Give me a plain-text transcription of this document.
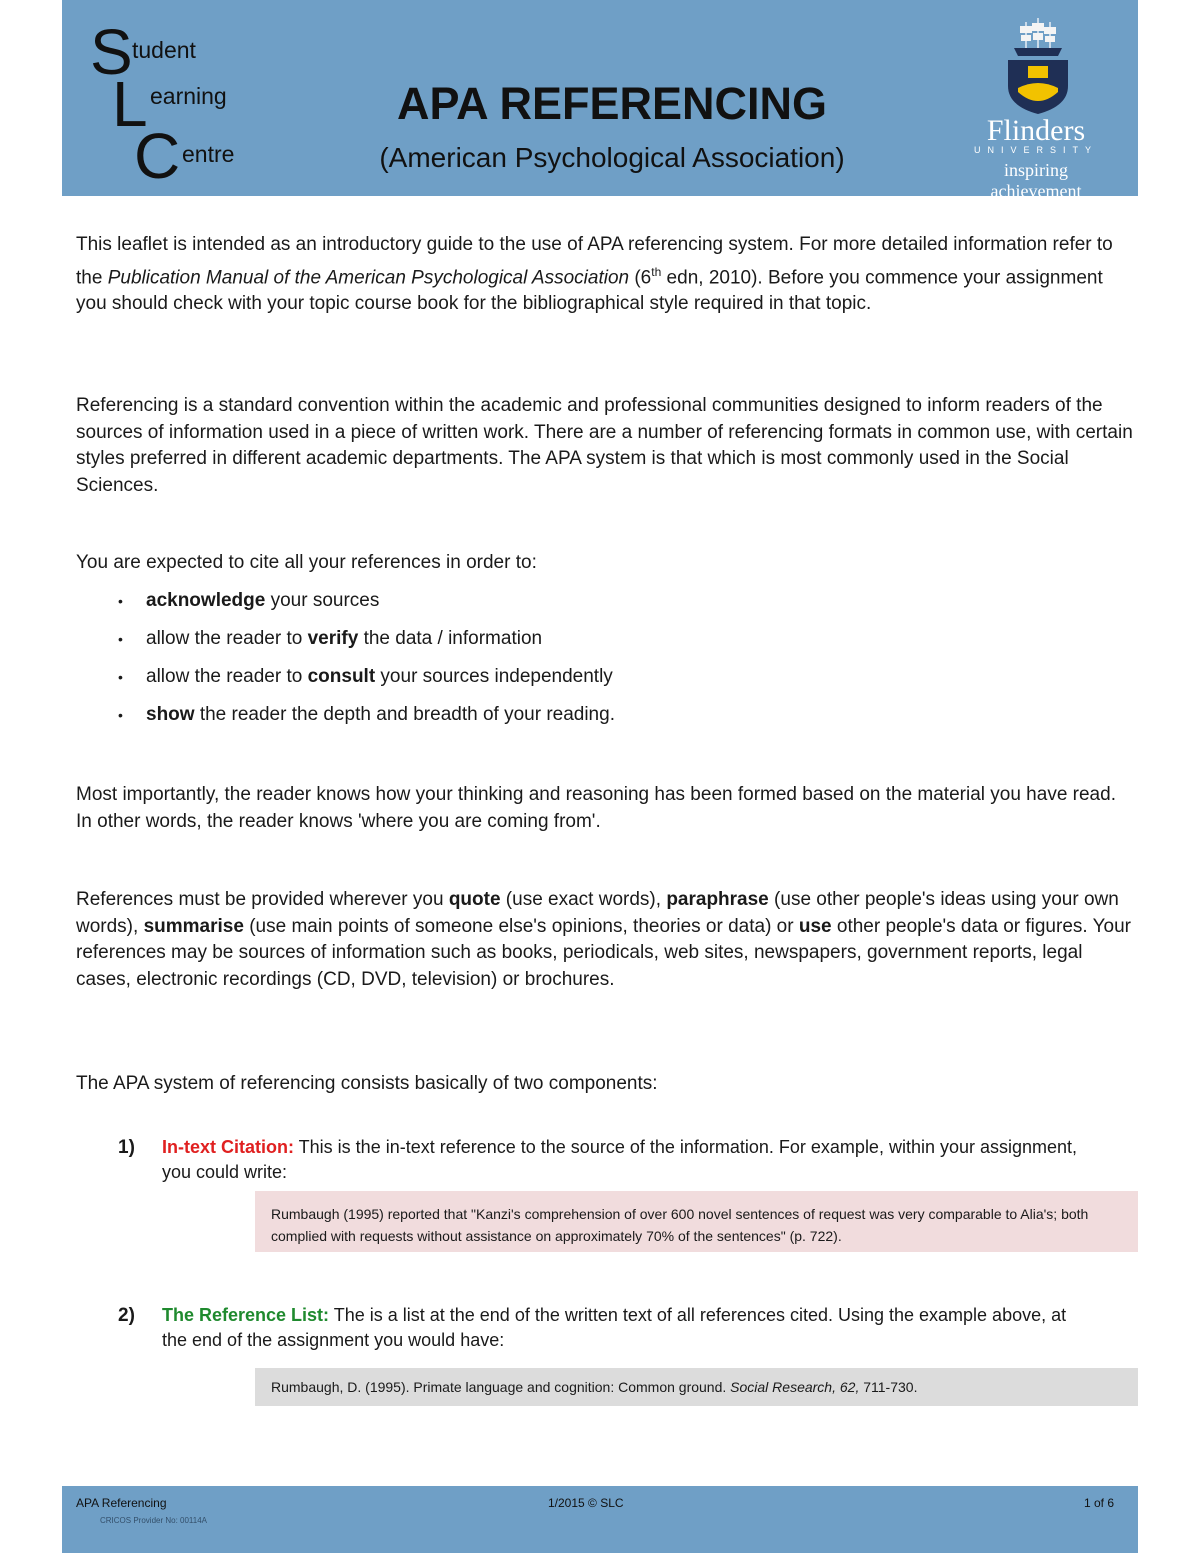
S tudent
L earning
C entre
APA REFERENCING
(American Psychological Association)
Flinders
UNIVERSITY
inspiring achievement

This leaflet is intended as an introductory guide to the use of APA referencing system. For more detailed information refer to the Publication Manual of the American Psychological Association (6th edn, 2010). Before you commence your assignment you should check with your topic course book for the bibliographical style required in that topic.

Referencing is a standard convention within the academic and professional communities designed to inform readers of the sources of information used in a piece of written work. There are a number of referencing formats in common use, with certain styles preferred in different academic departments. The APA system is that which is most commonly used in the Social Sciences.
You are expected to cite all your references in order to:
• acknowledge your sources
• allow the reader to verify the data / information
• allow the reader to consult your sources independently
• show the reader the depth and breadth of your reading.
Most importantly, the reader knows how your thinking and reasoning has been formed based on the material you have read. In other words, the reader knows 'where you are coming from'.
References must be provided wherever you quote (use exact words), paraphrase (use other people's ideas using your own words), summarise (use main points of someone else's opinions, theories or data) or use other people's data or figures. Your references may be sources of information such as books, periodicals, web sites, newspapers, government reports, legal cases, electronic recordings (CD, DVD, television) or brochures.
The APA system of referencing consists basically of two components:
1) In-text Citation: This is the in-text reference to the source of the information. For example, within your assignment, you could write:
Rumbaugh (1995) reported that "Kanzi's comprehension of over 600 novel sentences of request was very comparable to Alia's; both complied with requests without assistance on approximately 70% of the sentences" (p. 722).
2) The Reference List: The is a list at the end of the written text of all references cited. Using the example above, at the end of the assignment you would have:
Rumbaugh, D. (1995). Primate language and cognition: Common ground. Social Research, 62, 711-730.
APA Referencing	1/2015 © SLC	1 of 6
CRICOS Provider No: 00114A
